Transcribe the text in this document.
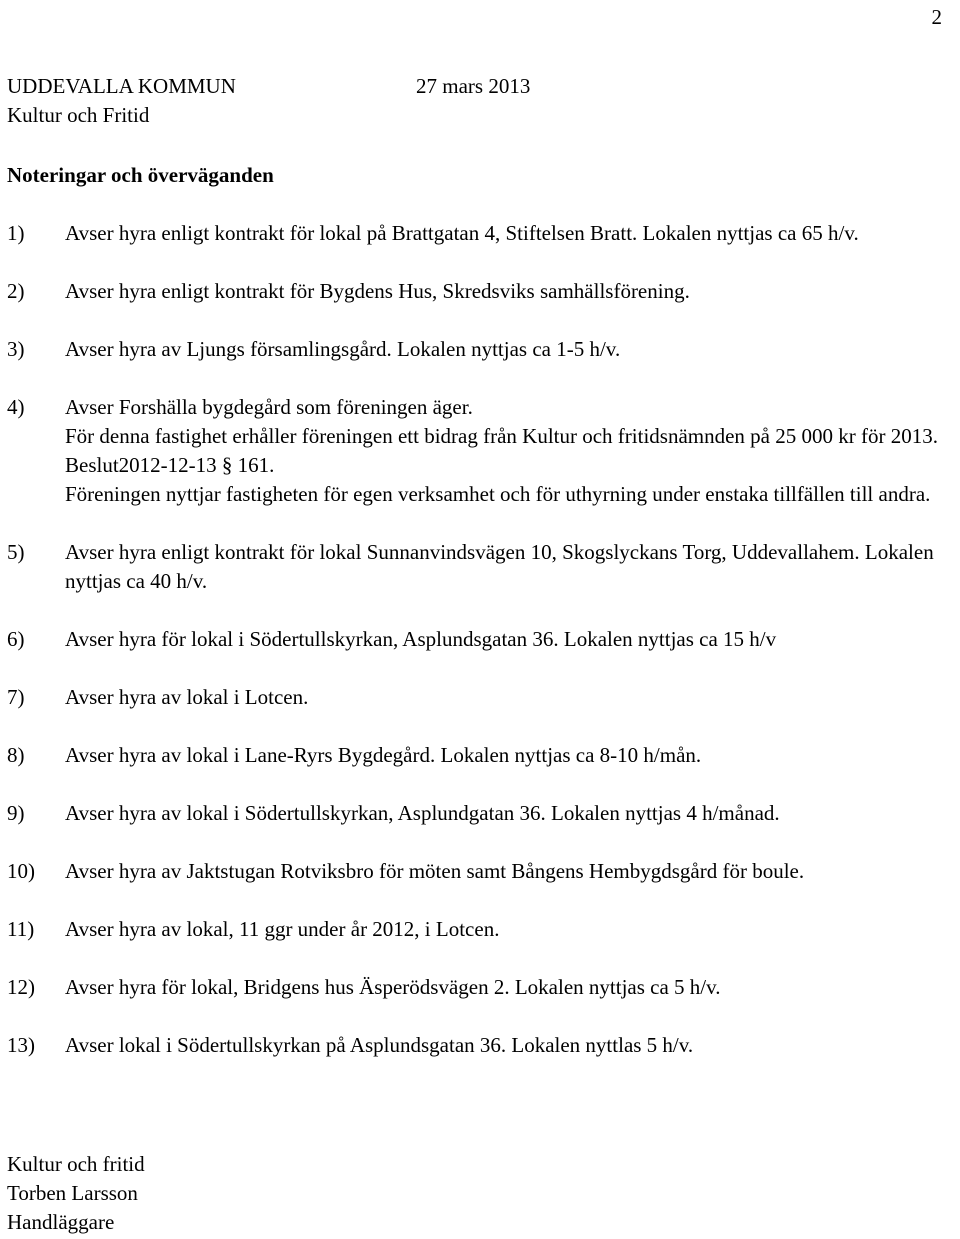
2
UDDEVALLA KOMMUN	27 mars 2013
Kultur och Fritid
Noteringar och överväganden
1)	Avser hyra enligt kontrakt för lokal på Brattgatan 4, Stiftelsen Bratt. Lokalen nyttjas ca 65 h/v.
2)	Avser hyra enligt kontrakt för Bygdens Hus, Skredsviks samhällsförening.
3)	Avser hyra av Ljungs församlingsgård. Lokalen nyttjas ca 1-5 h/v.
4)	Avser Forshälla bygdegård som föreningen äger.
För denna fastighet erhåller föreningen ett bidrag från Kultur och fritidsnämnden på 25 000 kr för 2013. Beslut2012-12-13 § 161.
Föreningen nyttjar fastigheten för egen verksamhet och för uthyrning under enstaka tillfällen till andra.
5)	Avser hyra enligt kontrakt för lokal Sunnanvindsvägen 10, Skogslyckans Torg, Uddevallahem. Lokalen nyttjas ca 40 h/v.
6)	Avser hyra för lokal i Södertullskyrkan, Asplundsgatan 36. Lokalen nyttjas ca 15 h/v
7)	Avser hyra av lokal i Lotcen.
8)	Avser hyra av lokal i Lane-Ryrs Bygdegård. Lokalen nyttjas ca 8-10 h/mån.
9)	Avser hyra av lokal i Södertullskyrkan, Asplundgatan 36. Lokalen nyttjas 4 h/månad.
10)	Avser hyra av Jaktstugan Rotviksbro för möten samt Bångens Hembygdsgård för boule.
11)	Avser hyra av lokal, 11 ggr under år 2012, i Lotcen.
12)	Avser hyra för lokal, Bridgens hus Äsperödsvägen 2. Lokalen nyttjas ca 5 h/v.
13)	Avser lokal i Södertullskyrkan på Asplundsgatan 36. Lokalen nyttlas 5 h/v.
Kultur och fritid
Torben Larsson
Handläggare
